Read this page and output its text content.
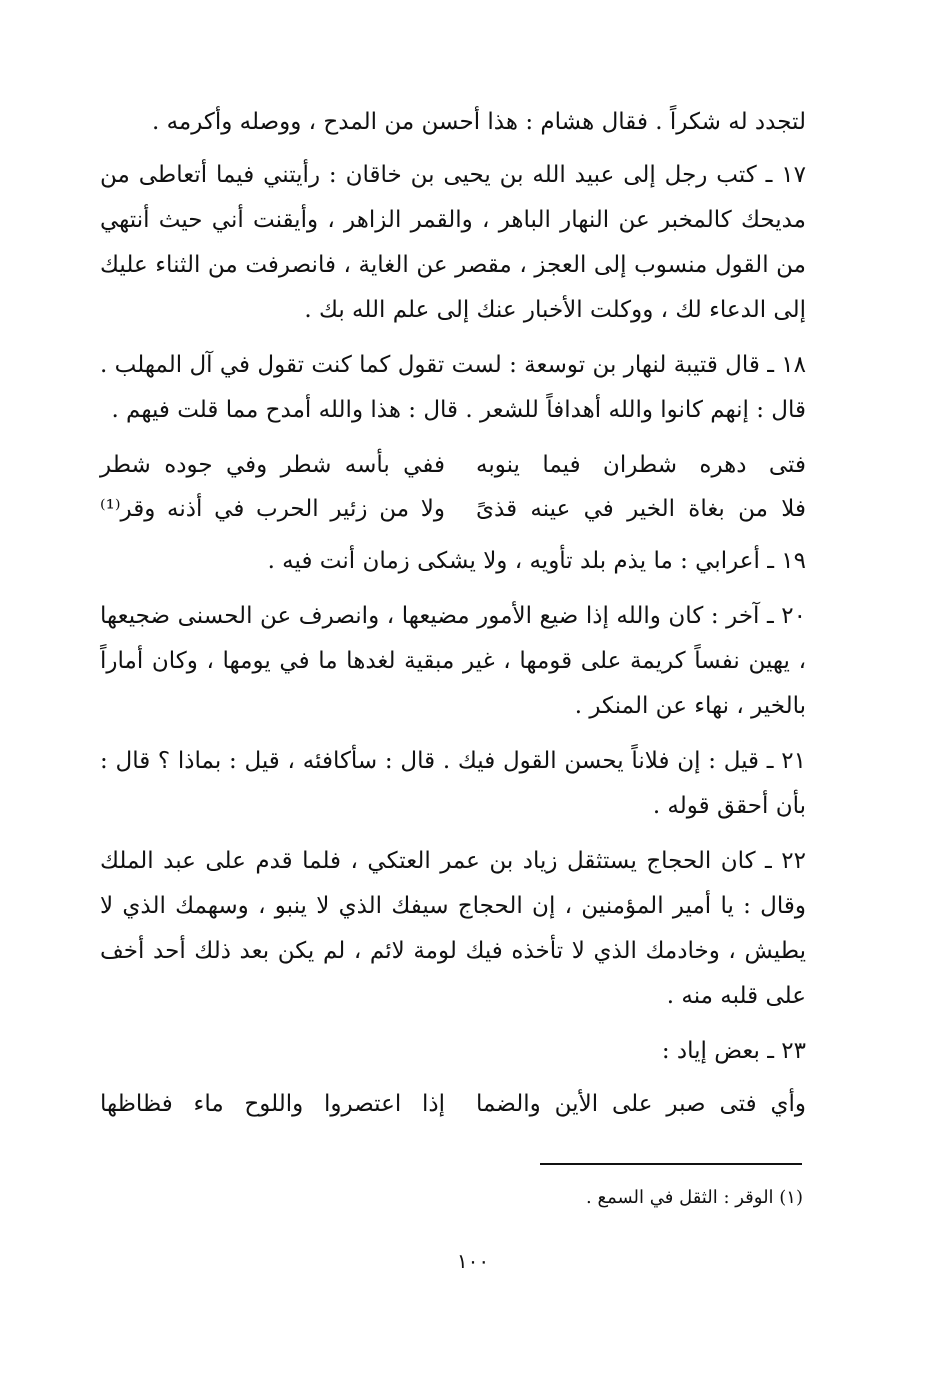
لتجدد له شكراً . فقال هشام : هذا أحسن من المدح ، ووصله وأكرمه .

١٧ ـ كتب رجل إلى عبيد الله بن يحيى بن خاقان : رأيتني فيما أتعاطى من مديحك كالمخبر عن النهار الباهر ، والقمر الزاهر ، وأيقنت أني حيث أنتهي من القول منسوب إلى العجز ، مقصر عن الغاية ، فانصرفت من الثناء عليك إلى الدعاء لك ، ووكلت الأخبار عنك إلى علم الله بك .

١٨ ـ قال قتيبة لنهار بن توسعة : لست تقول كما كنت تقول في آل المهلب . قال : إنهم كانوا والله أهدافاً للشعر . قال : هذا والله أمدح مما قلت فيهم .

فتى دهره شطران فيما ينوبه
ففي بأسه شطر وفي جوده شطر
فلا من بغاة الخير في عينه قذىً
ولا من زئير الحرب في أذنه وقر⁽¹⁾

١٩ ـ أعرابي : ما يذم بلد تأويه ، ولا يشكى زمان أنت فيه .

٢٠ ـ آخر : كان والله إذا ضيع الأمور مضيعها ، وانصرف عن الحسنى ضجيعها ، يهين نفساً كريمة على قومها ، غير مبقية لغدها ما في يومها ، وكان أماراً بالخير ، نهاء عن المنكر .

٢١ ـ قيل : إن فلاناً يحسن القول فيك . قال : سأكافئه ، قيل : بماذا ؟ قال : بأن أحقق قوله .

٢٢ ـ كان الحجاج يستثقل زياد بن عمر العتكي ، فلما قدم على عبد الملك وقال : يا أمير المؤمنين ، إن الحجاج سيفك الذي لا ينبو ، وسهمك الذي لا يطيش ، وخادمك الذي لا تأخذه فيك لومة لائم ، لم يكن بعد ذلك أحد أخف على قلبه منه .

٢٣ ـ بعض إياد :

وأي فتى صبر على الأين والضما
إذا اعتصروا واللوح ماء فظاظها
(١) الوقر : الثقل في السمع .
١٠٠
